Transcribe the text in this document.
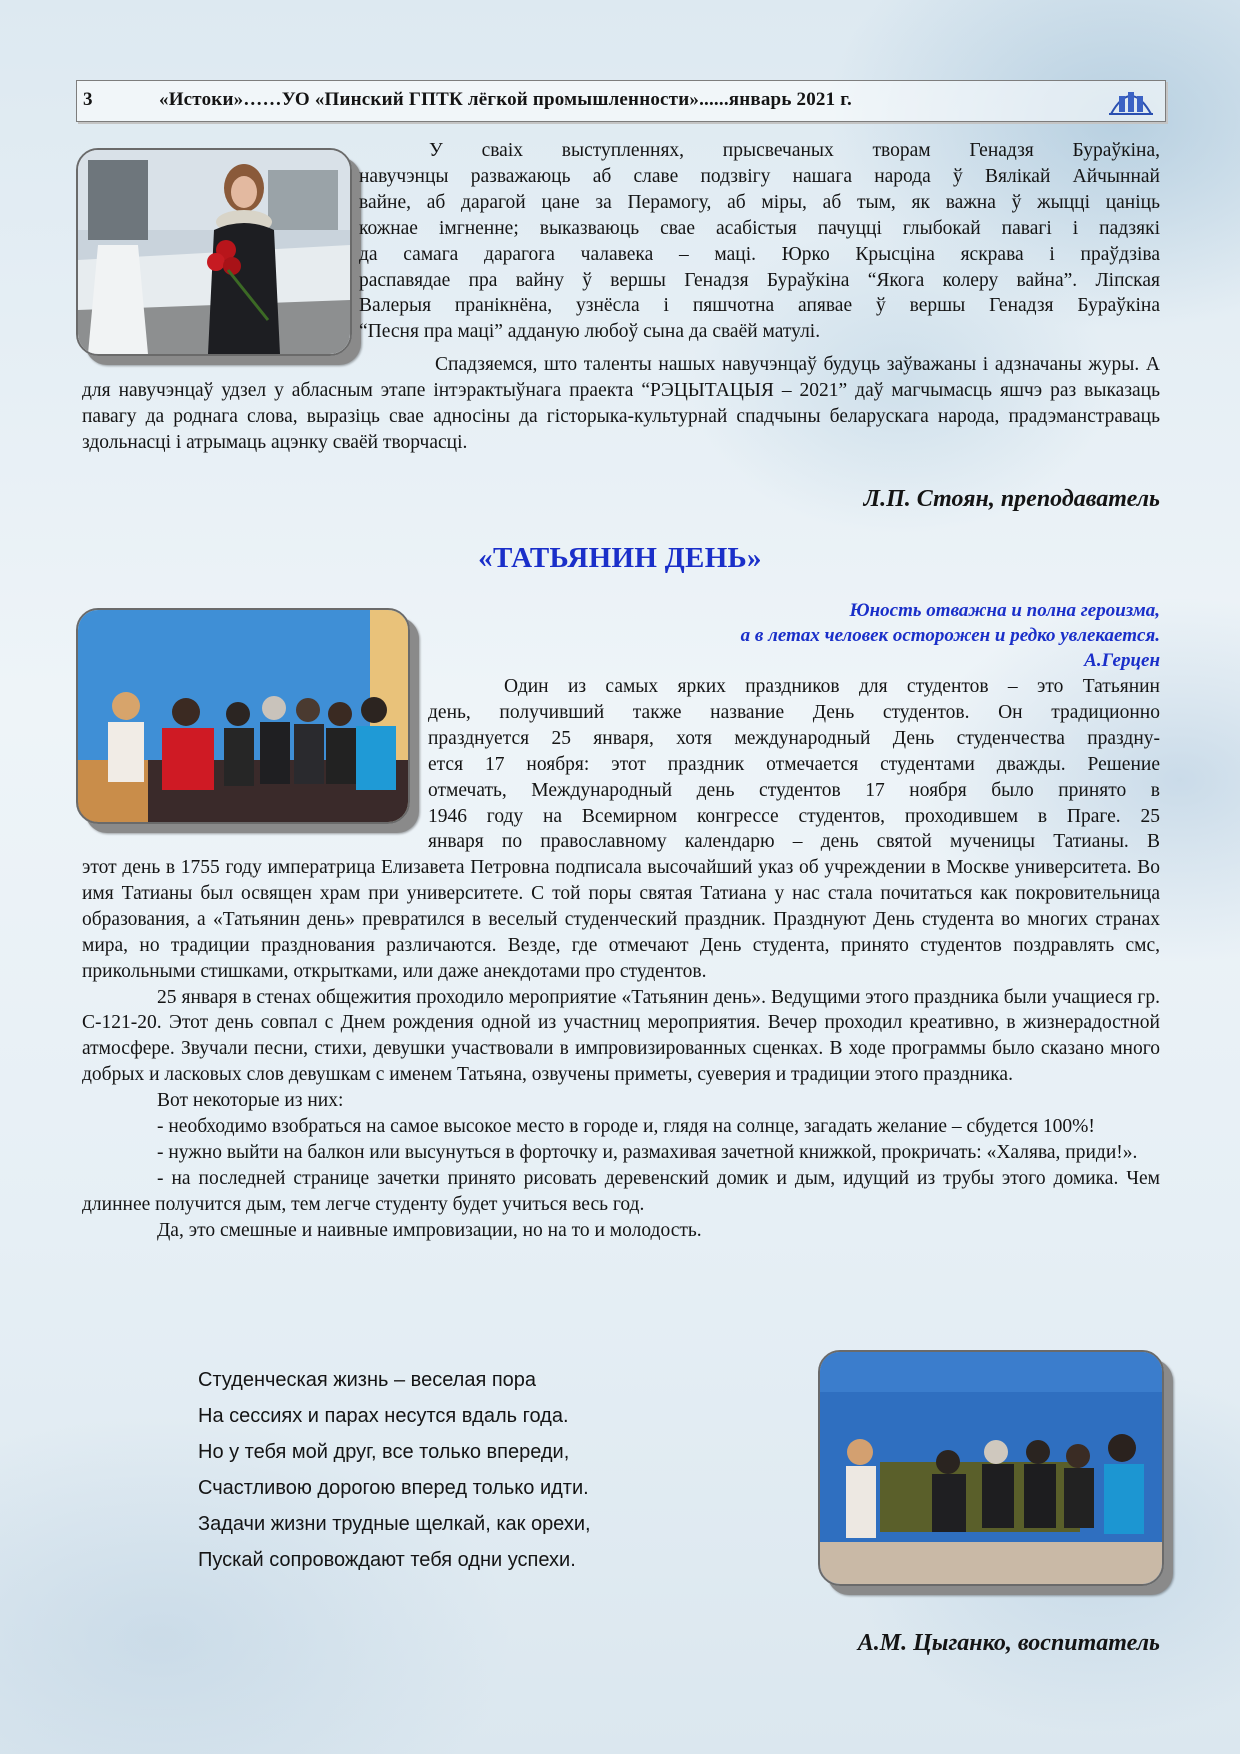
3	«Истоки»……УО «Пинский ГПТК лёгкой промышленности»......январь 2021 г.
У сваіх выступленнях, прысвечаных творам Генадзя Бураўкіна,
навучэнцы разважаюць аб славе подзвігу нашага народа ў Вялікай Айчыннай
вайне, аб дарагой цане за Перамогу, аб міры, аб тым, як важна ў жыцці цаніць
кожнае імгненне; выказваюць свае асабістыя пачуцці глыбокай павагі і падзякі
да самага дарагога чалавека – маці. Юрко Крысціна яскрава і праўдзіва
распавядае пра вайну ў вершы Генадзя Бураўкіна “Якога колеру вайна”. Ліпская
Валерыя пранікнёна, узнёсла і пяшчотна апявае ў вершы Генадзя Бураўкіна
“Песня пра маці” адданую любоў сына да сваёй матулі.
Спадзяемся, што таленты нашых навучэнцаў будуць заўважаны і адзначаны журы. А для навучэнцаў удзел у абласным этапе інтэрактыўнага праекта “РЭЦЫТАЦЫЯ – 2021” даў магчымасць яшчэ раз выказаць павагу да роднага слова, выразіць свае адносіны да гісторыка-культурнай спадчыны беларускага народа, прадэманстраваць здольнасці і атрымаць ацэнку сваёй творчасці.
Л.П. Стоян, преподаватель
«ТАТЬЯНИН ДЕНЬ»
Юность отважна и полна героизма,
а в летах человек осторожен и редко увлекается.
А.Герцен
Один из самых ярких праздников для студентов – это Татьянин
день, получивший также название День студентов. Он традиционно
празднуется 25 января, хотя международный День студенчества праздну-
ется 17 ноября: этот праздник отмечается студентами дважды. Решение
отмечать, Международный день студентов 17 ноября было принято в
1946 году на Всемирном конгрессе студентов, проходившем в Праге. 25
января по православному календарю – день святой мученицы Татианы. В
этот день в 1755 году императрица Елизавета Петровна подписала высочайший указ об учреждении в Москве университета. Во имя Татианы был освящен храм при университете. С той поры святая Татиана у нас стала почитаться как покровительница образования, а «Татьянин день» превратился в веселый студенческий праздник. Празднуют День студента во многих странах мира, но традиции празднования различаются. Везде, где отмечают День студента, принято студентов поздравлять смс, прикольными стишками, открытками, или даже анекдотами про студентов.
25 января в стенах общежития проходило мероприятие «Татьянин день». Ведущими этого праздника были учащиеся гр. С-121-20. Этот день совпал с Днем рождения одной из участниц мероприятия. Вечер проходил креативно, в жизнерадостной атмосфере. Звучали песни, стихи, девушки участвовали в импровизированных сценках. В ходе программы было сказано много добрых и ласковых слов девушкам с именем Татьяна, озвучены приметы, суеверия и традиции этого праздника.
Вот некоторые из них:
- необходимо взобраться на самое высокое место в городе и, глядя на солнце, загадать желание – сбудется 100%!
- нужно выйти на балкон или высунуться в форточку и, размахивая зачетной книжкой, прокричать: «Халява, приди!».
- на последней странице зачетки принято рисовать деревенский домик и дым, идущий из трубы этого домика. Чем длиннее получится дым, тем легче студенту будет учиться весь год.
Да, это смешные и наивные импровизации, но на то и молодость.
Студенческая жизнь – веселая пора
На сессиях и парах несутся вдаль года.
Но у тебя мой друг, все только впереди,
Счастливою дорогою вперед только идти.
Задачи жизни трудные щелкай, как орехи,
Пускай сопровождают тебя одни успехи.
А.М. Цыганко, воспитатель
